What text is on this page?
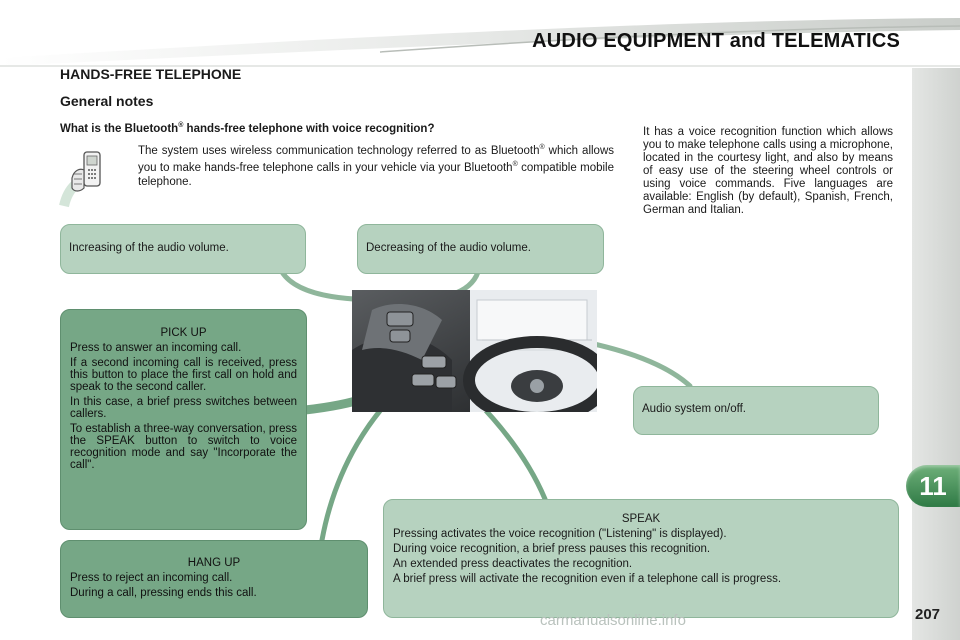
AUDIO EQUIPMENT and TELEMATICS
11
207
HANDS-FREE TELEPHONE
General notes
What is the Bluetooth® hands-free telephone with voice recognition?
The system uses wireless communication technology referred to as Bluetooth® which allows you to make hands-free telephone calls in your vehicle via your Bluetooth® compatible mobile telephone.
It has a voice recognition function which allows you to make telephone calls using a microphone, located in the courtesy light, and also by means of easy use of the steering wheel controls or using voice commands. Five languages are available: English (by default), Spanish, French, German and Italian.
Increasing of the audio volume.	Decreasing of the audio volume.
Audio system on/off.
PICK UP

Press to answer an incoming call.

If a second incoming call is received, press this button to place the first call on hold and speak to the second caller.

In this case, a brief press switches between callers.

To establish a three-way conversation, press the SPEAK button to switch to voice recognition mode and say "Incorporate the call".

HANG UP

Press to reject an incoming call.

During a call, pressing ends this call.

SPEAK

Pressing activates the voice recognition ("Listening" is displayed).

During voice recognition, a brief press pauses this recognition.

An extended press deactivates the recognition.

A brief press will activate the recognition even if a telephone call is progress.

carmanualsonline.info
